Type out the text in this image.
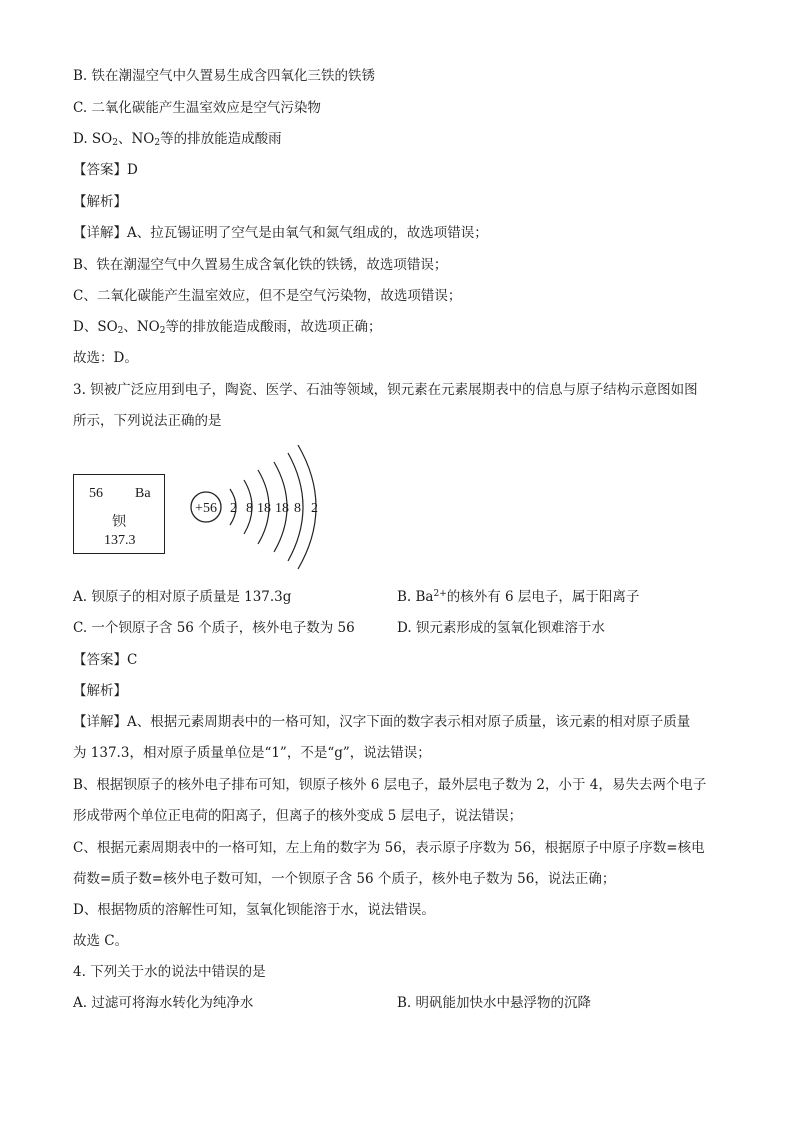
B. 铁在潮湿空气中久置易生成含四氧化三铁的铁锈
C. 二氧化碳能产生温室效应是空气污染物
D. $SO_2$、$NO_2$等的排放能造成酸雨
【答案】D
【解析】
【详解】A、拉瓦锡证明了空气是由氧气和氮气组成的，故选项错误；
B、铁在潮湿空气中久置易生成含氧化铁的铁锈，故选项错误；
C、二氧化碳能产生温室效应，但不是空气污染物，故选项错误；
D、$SO_2$、$NO_2$等的排放能造成酸雨，故选项正确；
故选：D。
3. 钡被广泛应用到电子，陶瓷、医学、石油等领域，钡元素在元素展期表中的信息与原子结构示意图如图
所示，下列说法正确的是
56 Ba
钡
137.3
+56 2 8 18 18 8 2
A. 钡原子的相对原子质量是 137.3g	B. $Ba^{2+}$的核外有 6 层电子，属于阳离子
C. 一个钡原子含 56 个质子，核外电子数为 56	D. 钡元素形成的氢氧化钡难溶于水
【答案】C
【解析】
【详解】A、根据元素周期表中的一格可知，汉字下面的数字表示相对原子质量，该元素的相对原子质量
为 137.3，相对原子质量单位是“1”，不是“g”，说法错误；
B、根据钡原子的核外电子排布可知，钡原子核外 6 层电子，最外层电子数为 2，小于 4，易失去两个电子
形成带两个单位正电荷的阳离子，但离子的核外变成 5 层电子，说法错误；
C、根据元素周期表中的一格可知，左上角的数字为 56，表示原子序数为 56，根据原子中原子序数=核电
荷数=质子数=核外电子数可知，一个钡原子含 56 个质子，核外电子数为 56，说法正确；
D、根据物质的溶解性可知，氢氧化钡能溶于水，说法错误。
故选 C。
4. 下列关于水的说法中错误的是
A. 过滤可将海水转化为纯净水	B. 明矾能加快水中悬浮物的沉降
